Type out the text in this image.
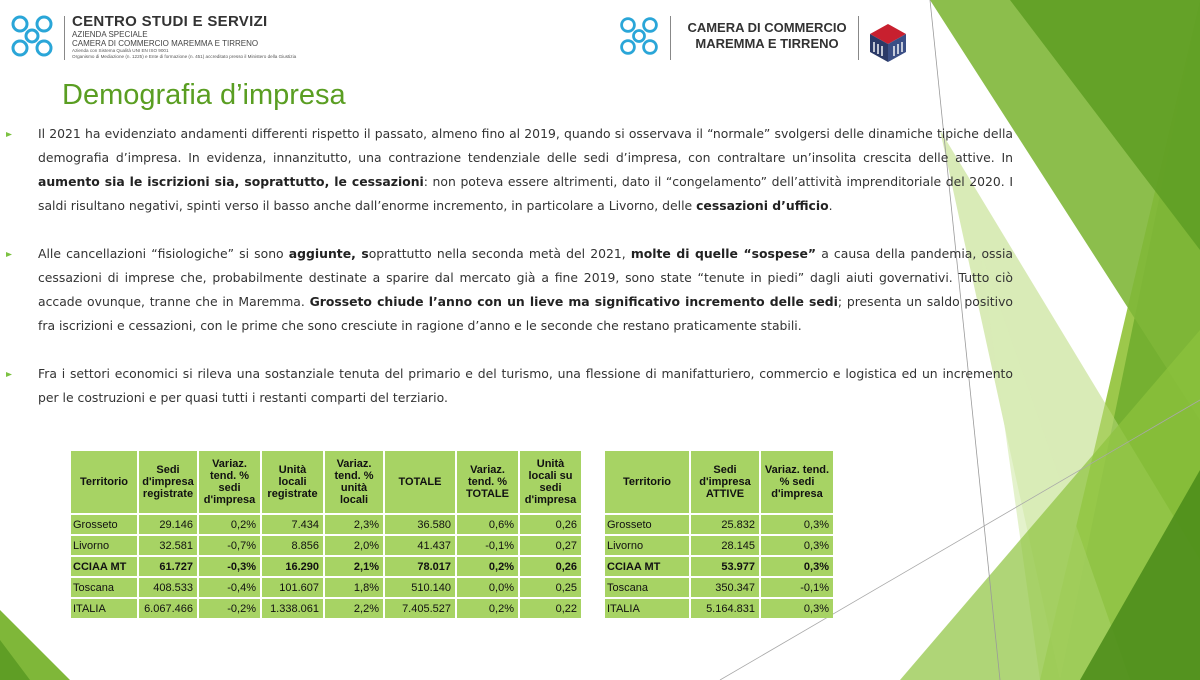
CENTRO STUDI E SERVIZI
AZIENDA SPECIALE
CAMERA DI COMMERCIO MAREMMA E TIRRENO
Azienda con Sistema Qualità UNI EN ISO 9001
Organismo di Mediazione (n. 1225) e Ente di formazione (n. 451) accreditato presso il Ministero della Giustizia
CAMERA DI COMMERCIO
MAREMMA E TIRRENO
Demografia d’impresa

Il 2021 ha evidenziato andamenti differenti rispetto il passato, almeno fino al 2019, quando si osservava il “normale” svolgersi delle dinamiche tipiche della demografia d’impresa. In evidenza, innanzitutto, una contrazione tendenziale delle sedi d’impresa, con contraltare un’insolita crescita delle attive. In aumento sia le iscrizioni sia, soprattutto, le cessazioni: non poteva essere altrimenti, dato il “congelamento” dell’attività imprenditoriale del 2020. I saldi risultano negativi, spinti verso il basso anche dall’enorme incremento, in particolare a Livorno, delle cessazioni d’ufficio.

Alle cancellazioni “fisiologiche” si sono aggiunte, soprattutto nella seconda metà del 2021, molte di quelle “sospese” a causa della pandemia, ossia cessazioni di imprese che, probabilmente destinate a sparire dal mercato già a fine 2019, sono state “tenute in piedi” dagli aiuti governativi. Tutto ciò accade ovunque, tranne che in Maremma. Grosseto chiude l’anno con un lieve ma significativo incremento delle sedi; presenta un saldo positivo fra iscrizioni e cessazioni, con le prime che sono cresciute in ragione d’anno e le seconde che restano praticamente stabili.

Fra i settori economici si rileva una sostanziale tenuta del primario e del turismo, una flessione di manifatturiero, commercio e logistica ed un incremento per le costruzioni e per quasi tutti i restanti comparti del terziario.

Territorio	Sedi d'impresa registrate	Variaz. tend. % sedi d'impresa	Unità locali registrate	Variaz. tend. % unità locali	TOTALE	Variaz. tend. % TOTALE	Unità locali su sedi d'impresa
Grosseto	29.146	0,2%	7.434	2,3%	36.580	0,6%	0,26
Livorno	32.581	-0,7%	8.856	2,0%	41.437	-0,1%	0,27
CCIAA MT	61.727	-0,3%	16.290	2,1%	78.017	0,2%	0,26
Toscana	408.533	-0,4%	101.607	1,8%	510.140	0,0%	0,25
ITALIA	6.067.466	-0,2%	1.338.061	2,2%	7.405.527	0,2%	0,22
Territorio	Sedi d'impresa ATTIVE	Variaz. tend. % sedi d'impresa
Grosseto	25.832	0,3%
Livorno	28.145	0,3%
CCIAA MT	53.977	0,3%
Toscana	350.347	-0,1%
ITALIA	5.164.831	0,3%
